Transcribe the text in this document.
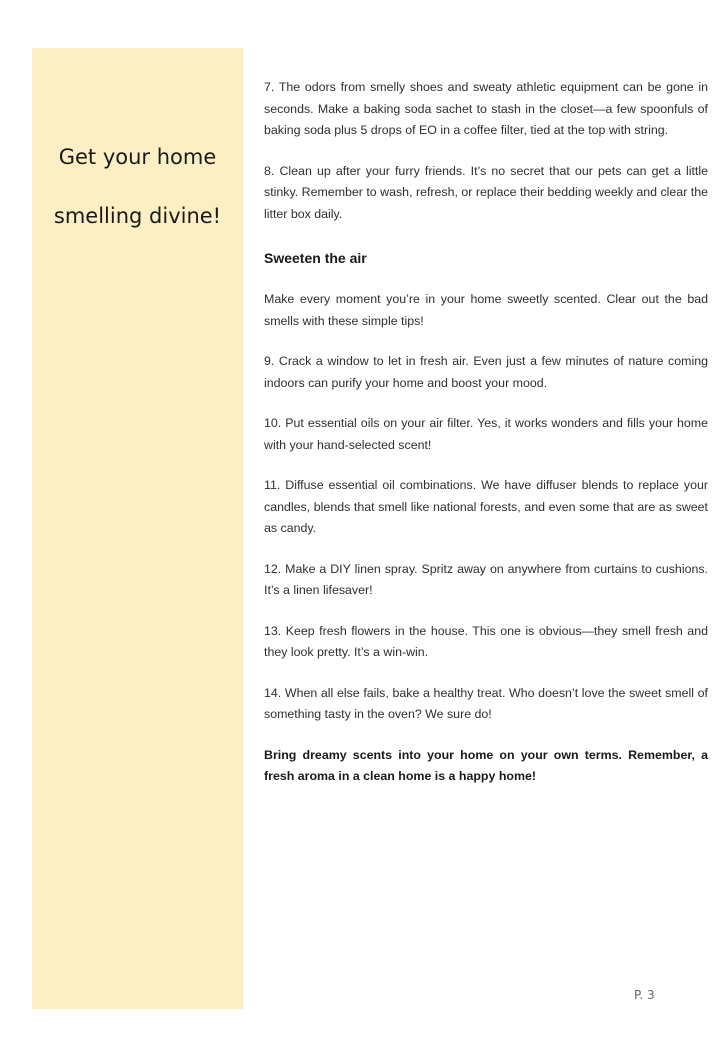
Get your home
smelling divine!

7. The odors from smelly shoes and sweaty athletic equipment can be gone in seconds. Make a baking soda sachet to stash in the closet—a few spoonfuls of baking soda plus 5 drops of EO in a coffee filter, tied at the top with string.

8. Clean up after your furry friends. It’s no secret that our pets can get a little stinky. Remember to wash, refresh, or replace their bedding weekly and clear the litter box daily.

Sweeten the air

Make every moment you’re in your home sweetly scented. Clear out the bad smells with these simple tips!

9. Crack a window to let in fresh air. Even just a few minutes of nature coming indoors can purify your home and boost your mood.

10. Put essential oils on your air filter. Yes, it works wonders and fills your home with your hand-selected scent!

11. Diffuse essential oil combinations. We have diffuser blends to replace your candles, blends that smell like national forests, and even some that are as sweet as candy.

12. Make a DIY linen spray. Spritz away on anywhere from curtains to cushions. It’s a linen lifesaver!

13. Keep fresh flowers in the house. This one is obvious—they smell fresh and they look pretty. It’s a win-win.

14. When all else fails, bake a healthy treat. Who doesn’t love the sweet smell of something tasty in the oven? We sure do!

Bring dreamy scents into your home on your own terms. Remember, a fresh aroma in a clean home is a happy home!

P. 3
